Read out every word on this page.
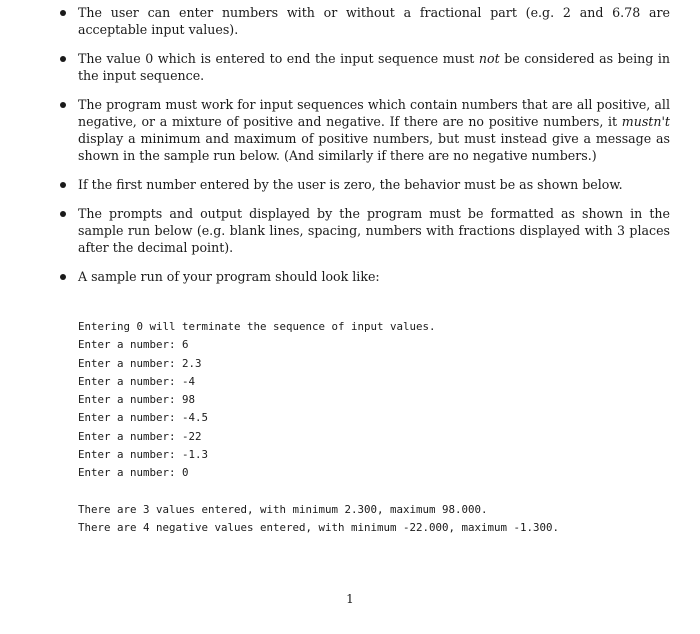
The user can enter numbers with or without a fractional part (e.g. 2 and 6.78 are acceptable input values).
The value 0 which is entered to end the input sequence must not be considered as being in the input sequence.
The program must work for input sequences which contain numbers that are all positive, all negative, or a mixture of positive and negative. If there are no positive numbers, it mustn't display a minimum and maximum of positive numbers, but must instead give a message as shown in the sample run below. (And similarly if there are no negative numbers.)
If the first number entered by the user is zero, the behavior must be as shown below.
The prompts and output displayed by the program must be formatted as shown in the sample run below (e.g. blank lines, spacing, numbers with fractions displayed with 3 places after the decimal point).
A sample run of your program should look like:
Entering 0 will terminate the sequence of input values.
Enter a number: 6
Enter a number: 2.3
Enter a number: -4
Enter a number: 98
Enter a number: -4.5
Enter a number: -22
Enter a number: -1.3
Enter a number: 0
There are 3 values entered, with minimum 2.300, maximum 98.000.
There are 4 negative values entered, with minimum -22.000, maximum -1.300.
1
